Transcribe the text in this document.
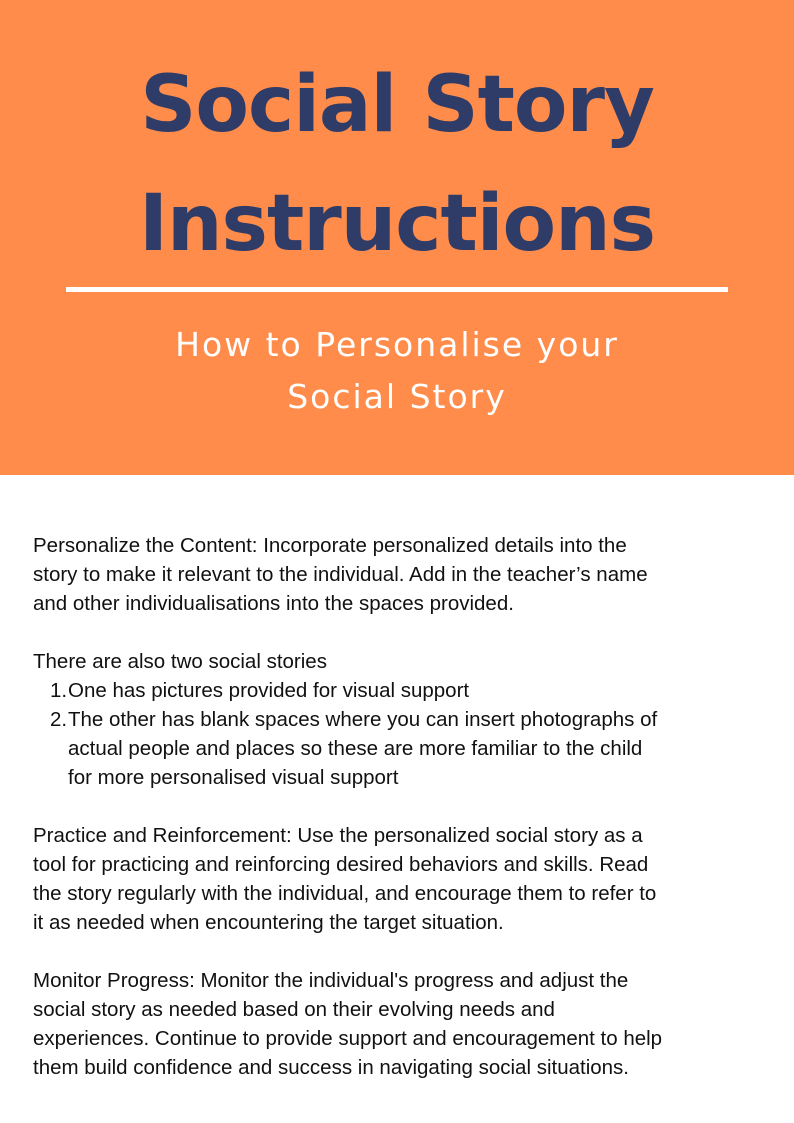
Social Story
Instructions
How to Personalise your
Social Story

Personalize the Content: Incorporate personalized details into the
story to make it relevant to the individual. Add in the teacher’s name
and other individualisations into the spaces provided.

There are also two social stories

1. One has pictures provided for visual support
2. The other has blank spaces where you can insert photographs of
actual people and places so these are more familiar to the child
for more personalised visual support

Practice and Reinforcement: Use the personalized social story as a
tool for practicing and reinforcing desired behaviors and skills. Read
the story regularly with the individual, and encourage them to refer to
it as needed when encountering the target situation.

Monitor Progress: Monitor the individual's progress and adjust the
social story as needed based on their evolving needs and
experiences. Continue to provide support and encouragement to help
them build confidence and success in navigating social situations.
